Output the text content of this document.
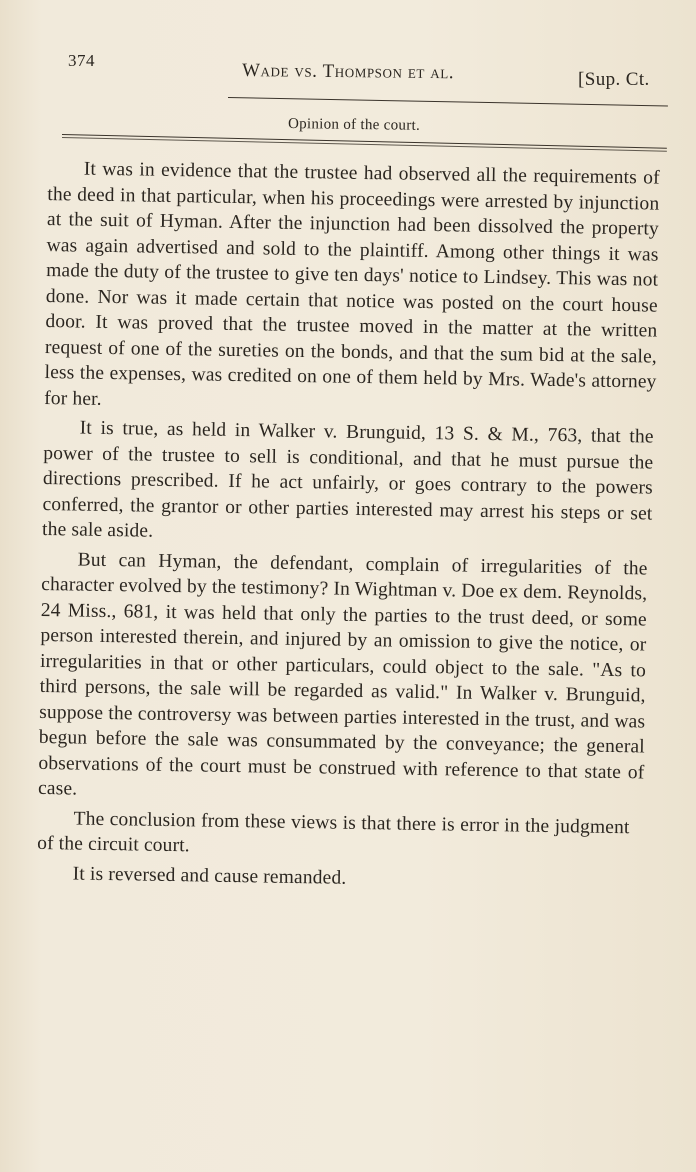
374	Wade vs. Thompson et al.	[Sup. Ct.
Opinion of the court.

It was in evidence that the trustee had observed all the requirements of the deed in that particular, when his proceedings were arrested by injunction at the suit of Hyman. After the injunction had been dissolved the property was again advertised and sold to the plaintiff. Among other things it was made the duty of the trustee to give ten days' notice to Lindsey. This was not done. Nor was it made certain that notice was posted on the court house door. It was proved that the trustee moved in the matter at the written request of one of the sureties on the bonds, and that the sum bid at the sale, less the expenses, was credited on one of them held by Mrs. Wade's attorney for her.

It is true, as held in Walker v. Brunguid, 13 S. & M., 763, that the power of the trustee to sell is conditional, and that he must pursue the directions prescribed. If he act unfairly, or goes contrary to the powers conferred, the grantor or other parties interested may arrest his steps or set the sale aside.

But can Hyman, the defendant, complain of irregularities of the character evolved by the testimony? In Wightman v. Doe ex dem. Reynolds, 24 Miss., 681, it was held that only the parties to the trust deed, or some person interested therein, and injured by an omission to give the notice, or irregularities in that or other particulars, could object to the sale. "As to third persons, the sale will be regarded as valid." In Walker v. Brunguid, suppose the controversy was between parties interested in the trust, and was begun before the sale was consummated by the conveyance; the general observations of the court must be construed with reference to that state of case.

The conclusion from these views is that there is error in the judgment of the circuit court.

It is reversed and cause remanded.
